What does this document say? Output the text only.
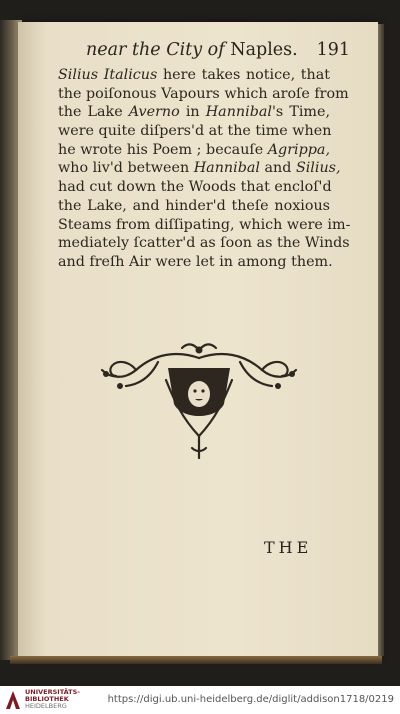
near the City of Naples. 191
Silius Italicus here takes notice, that
the poiſonous Vapours which aroſe from
the Lake Averno in Hannibal's Time,
were quite diſpers'd at the time when
he wrote his Poem ; becauſe Agrippa,
who liv'd between Hannibal and Silius,
had cut down the Woods that encloſ'd
the Lake, and hinder'd theſe noxious
Steams from diſſipating, which were im-
mediately ſcatter'd as ſoon as the Winds
and freſh Air were let in among them.
THE
UNIVERSITÄTS-
BIBLIOTHEK
HEIDELBERG
https://digi.ub.uni-heidelberg.de/diglit/addison1718/0219
